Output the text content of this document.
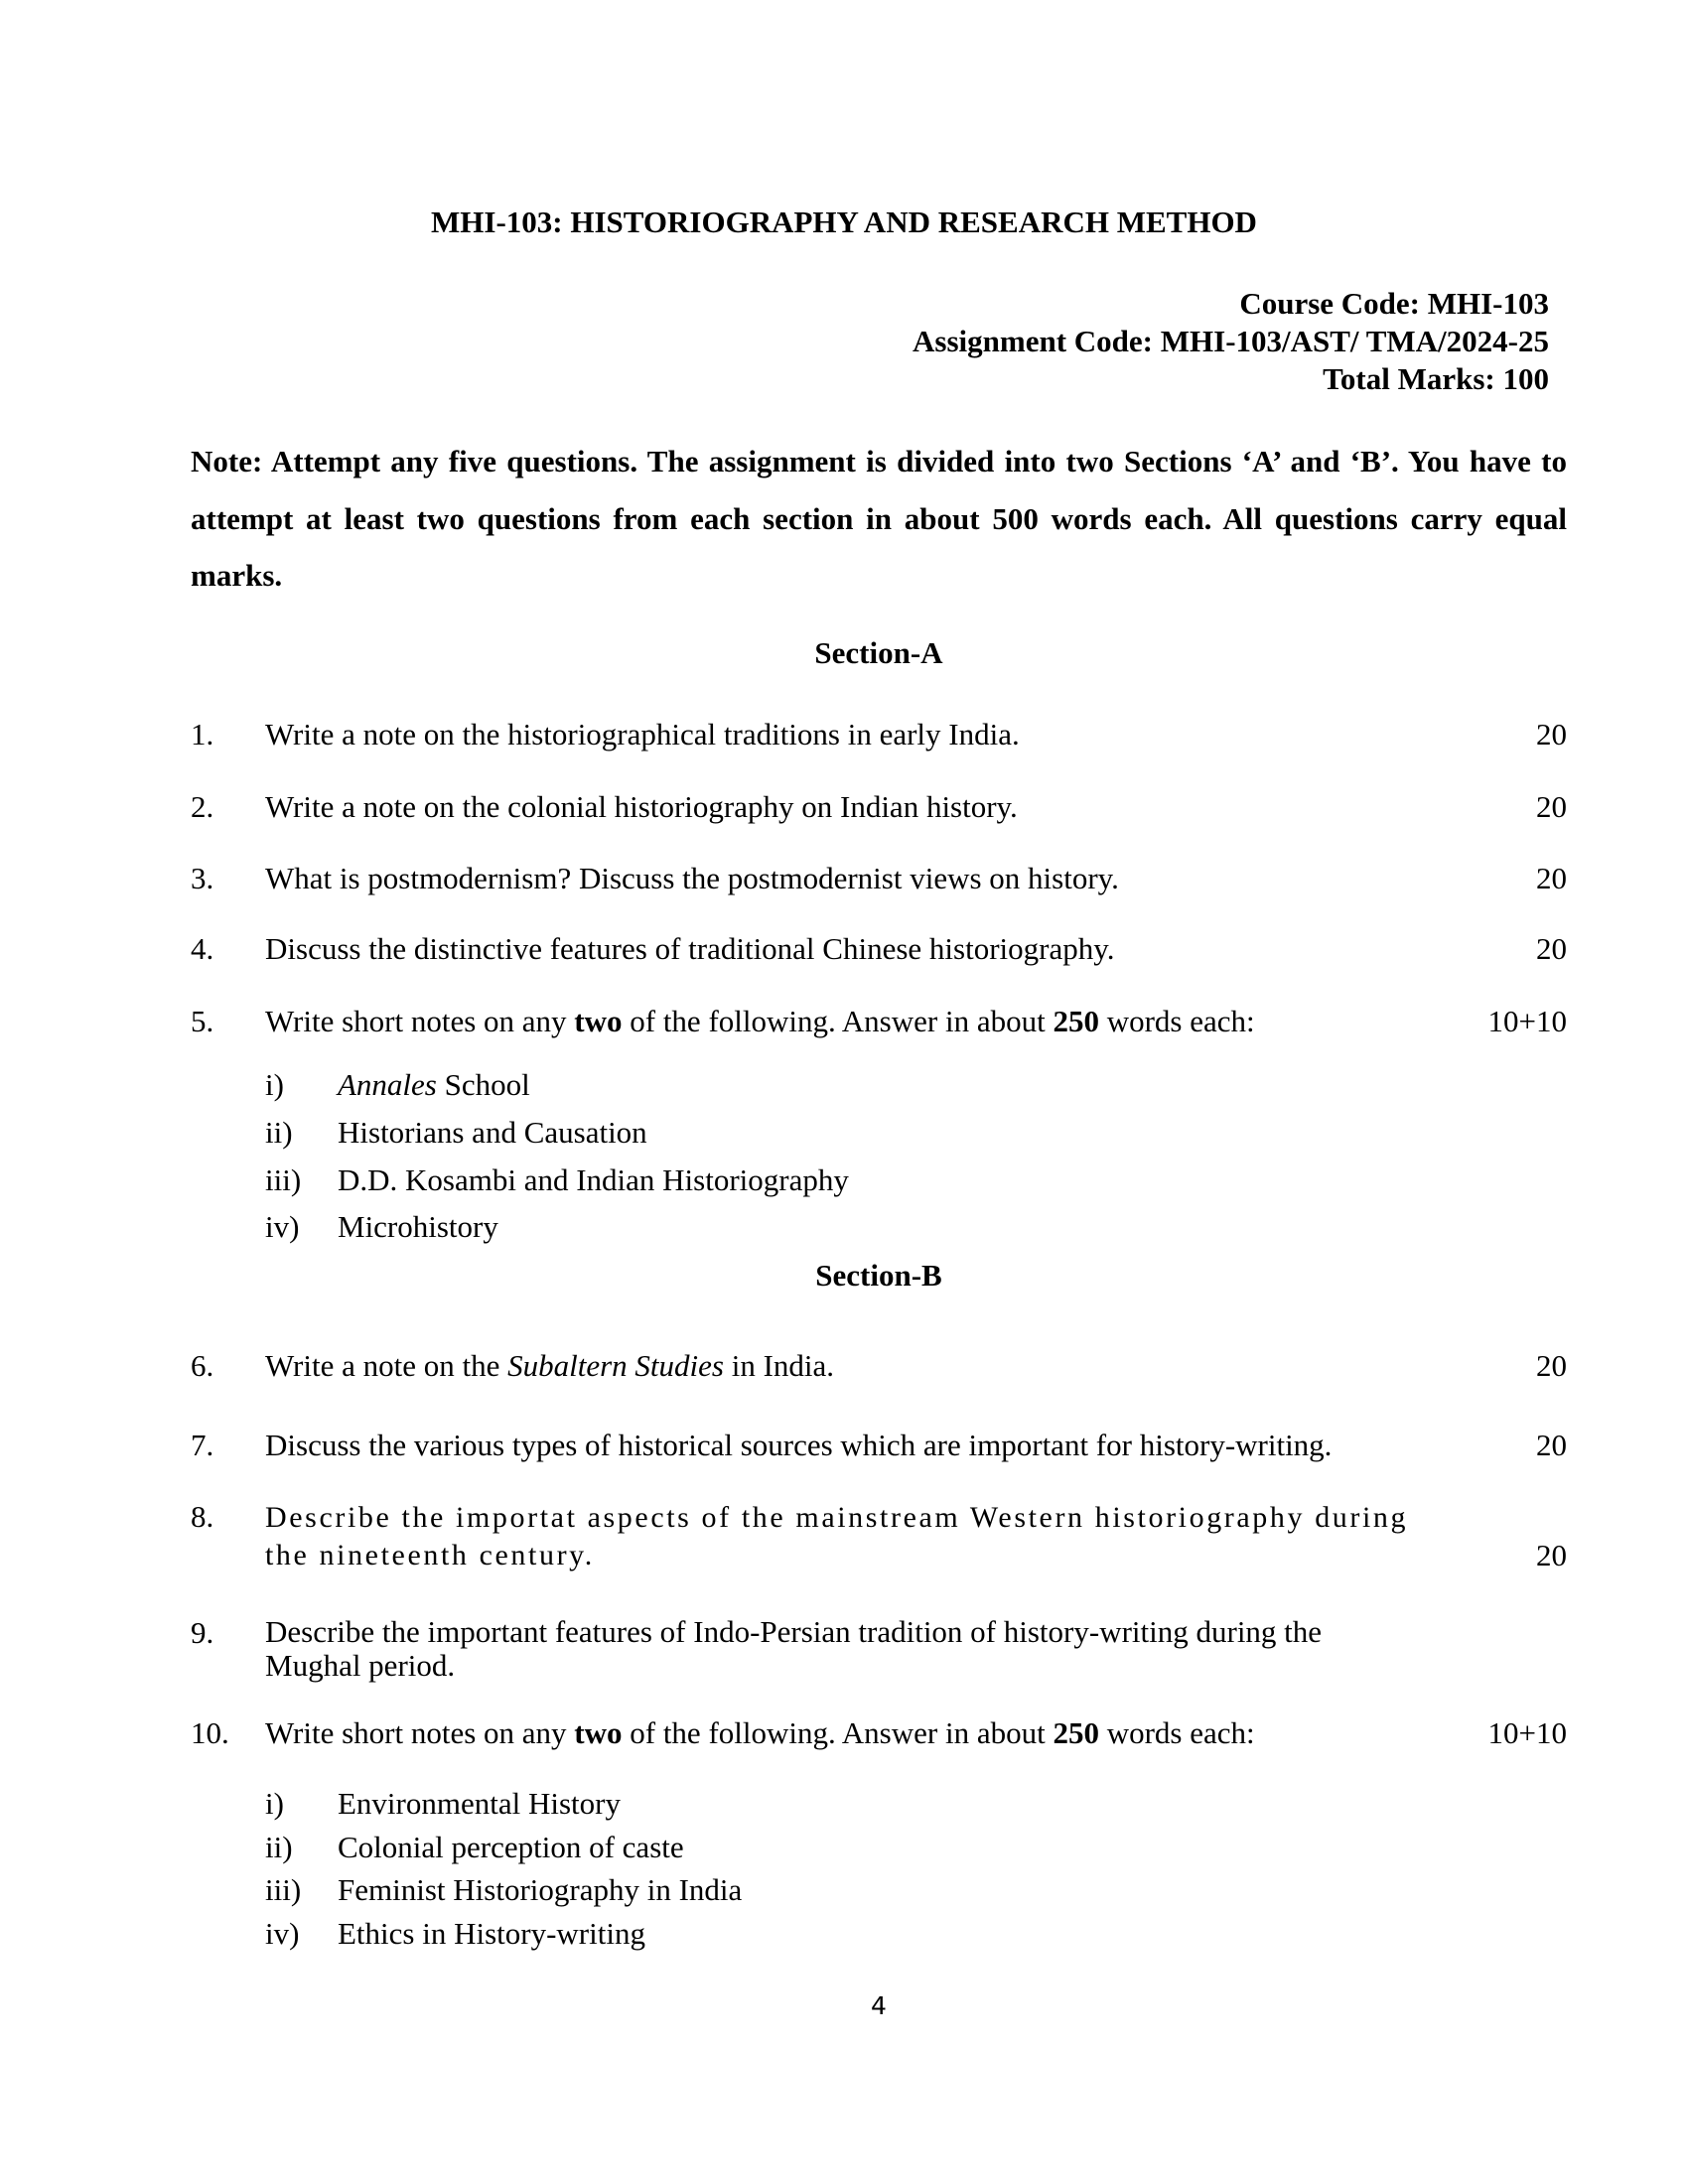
MHI-103: HISTORIOGRAPHY AND RESEARCH METHOD
Course Code: MHI-103
Assignment Code: MHI-103/AST/ TMA/2024-25
Total Marks: 100
Note: Attempt any five questions. The assignment is divided into two Sections ‘A’ and ‘B’. You have to attempt at least two questions from each section in about 500 words each. All questions carry equal marks.
Section-A
1. Write a note on the historiographical traditions in early India.	20
2. Write a note on the colonial historiography on Indian history.	20
3. What is postmodernism? Discuss the postmodernist views on history.	20
4. Discuss the distinctive features of traditional Chinese historiography.	20
5. Write short notes on any two of the following. Answer in about 250 words each:	10+10
i) Annales School
ii) Historians and Causation
iii) D.D. Kosambi and Indian Historiography
iv) Microhistory
Section-B
6. Write a note on the Subaltern Studies in India.	20
7. Discuss the various types of historical sources which are important for history-writing.	20
8. Describe the importat aspects of the mainstream Western historiography during
the nineteenth century.	20
9. Describe the important features of Indo-Persian tradition of history-writing during the
Mughal period.
10. Write short notes on any two of the following. Answer in about 250 words each:	10+10
i) Environmental History
ii) Colonial perception of caste
iii) Feminist Historiography in India
iv) Ethics in History-writing
4
